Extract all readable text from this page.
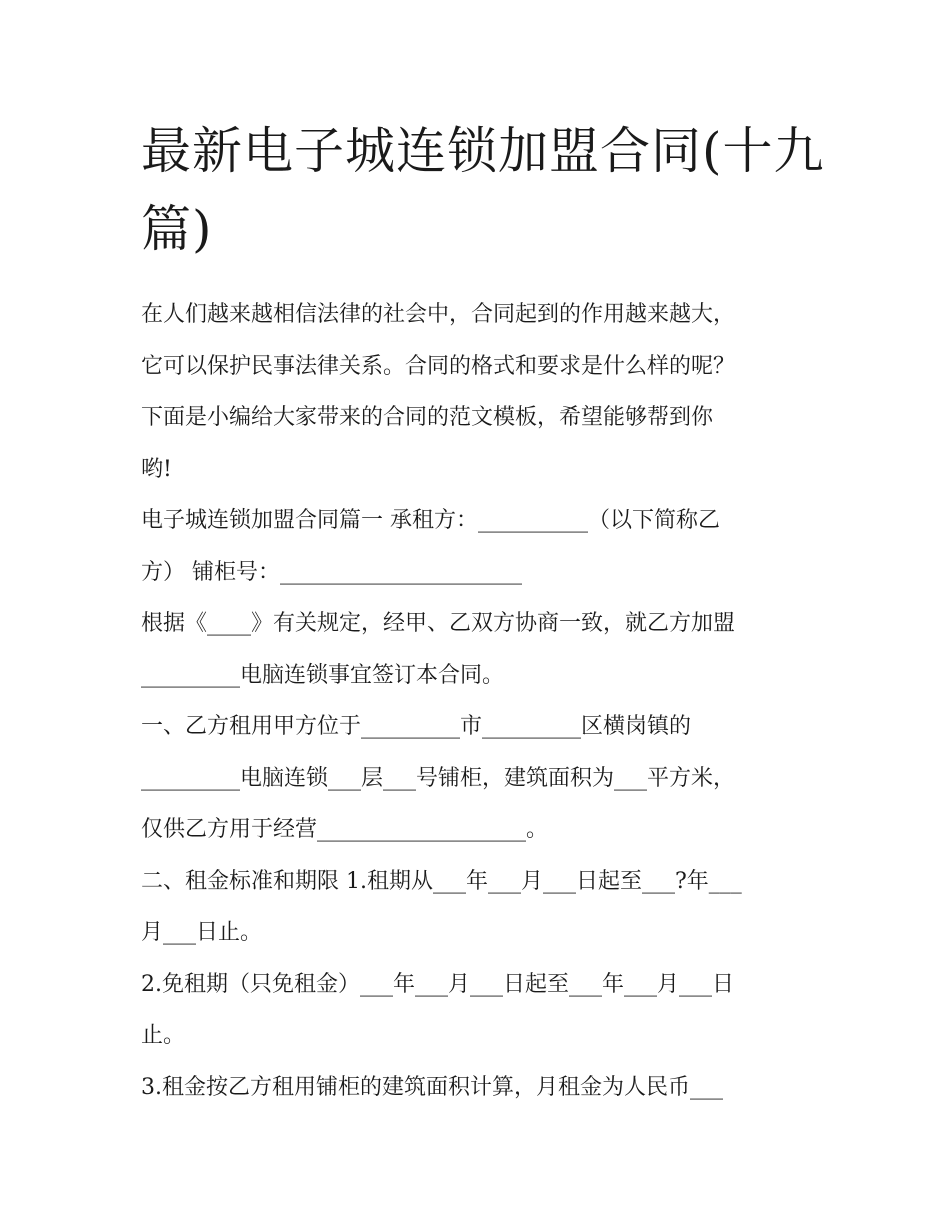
最新电子城连锁加盟合同(十九
篇)

在人们越来越相信法律的社会中，合同起到的作用越来越大，
它可以保护民事法律关系。合同的格式和要求是什么样的呢？
下面是小编给大家带来的合同的范文模板，希望能够帮到你
哟!

电子城连锁加盟合同篇一 承租方：__________（以下简称乙
方） 铺柜号：______________________

根据《____》有关规定，经甲、乙双方协商一致，就乙方加盟
_________电脑连锁事宜签订本合同。

一、乙方租用甲方位于_________市_________区横岗镇的
_________电脑连锁___层___号铺柜，建筑面积为___平方米，
仅供乙方用于经营___________________。

二、租金标准和期限 1.租期从___年___月___日起至___?年___
月___日止。

2.免租期（只免租金）___年___月___日起至___年___月___日
止。

3.租金按乙方租用铺柜的建筑面积计算，月租金为人民币___
